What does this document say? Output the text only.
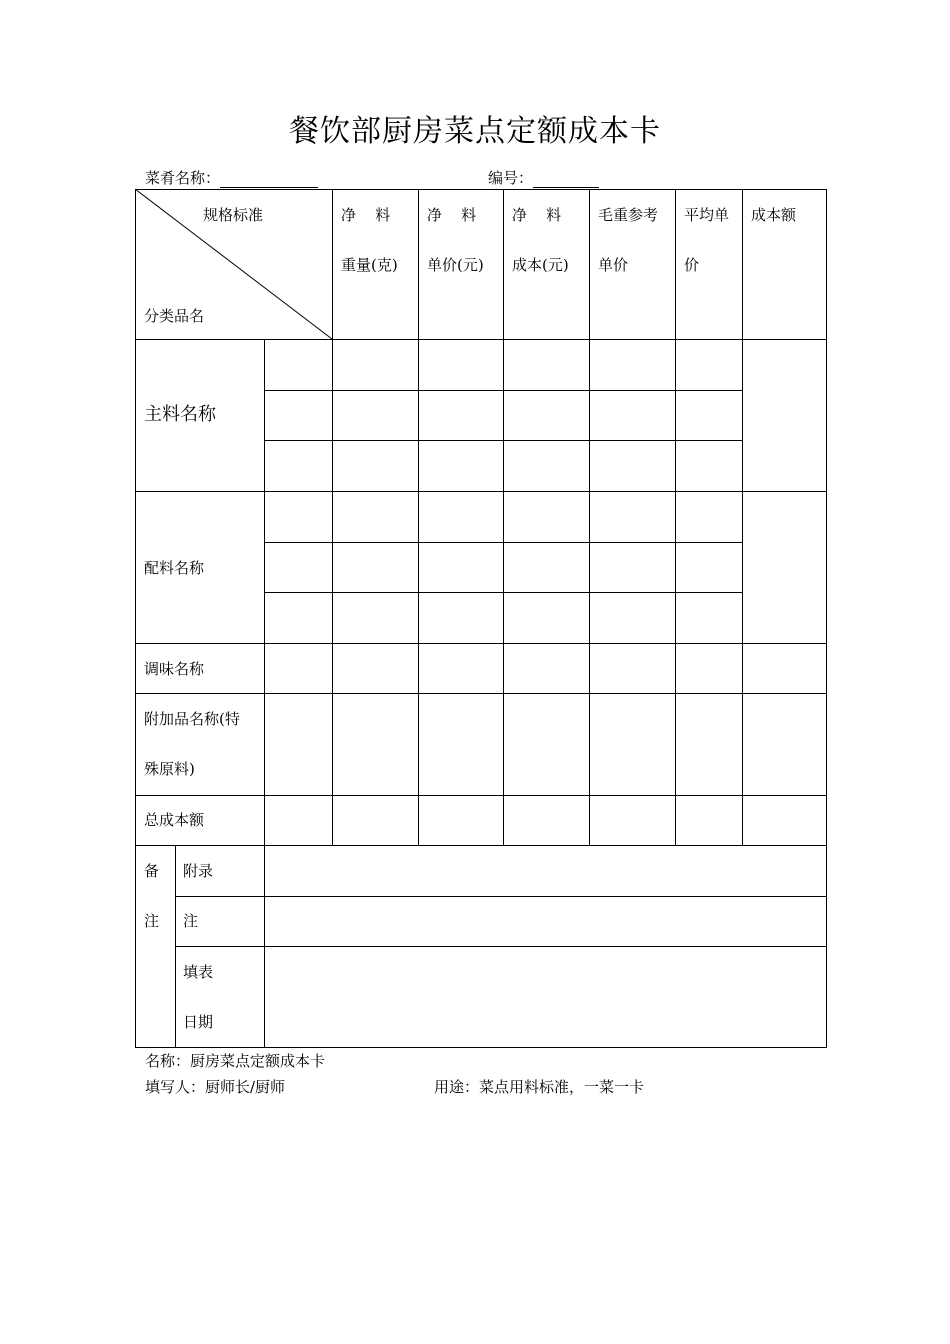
餐饮部厨房菜点定额成本卡
菜肴名称：	编号：
规格标准
分类品名
净    料
重量(克)
净    料
单价(元)
净    料
成本(元)
毛重参考
单价
平均单
价
成本额
主料名称
配料名称
调味名称
附加品名称(特
殊原料)
总成本额
备
注
附录
注
填表
日期
名称：厨房菜点定额成本卡
填写人：厨师长/厨师	用途：菜点用料标准，一菜一卡
